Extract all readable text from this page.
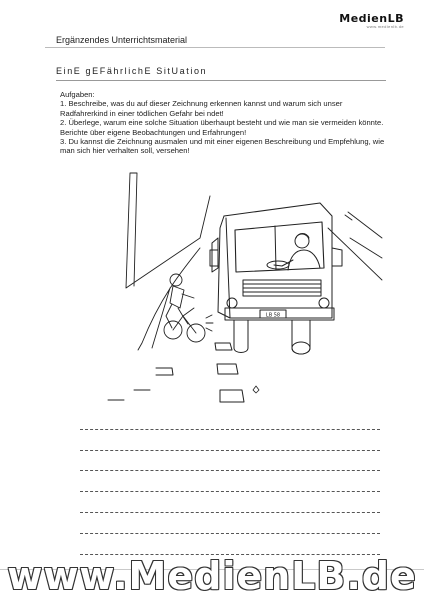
MedienLB
www.medienlb.de
Ergänzendes Unterrichtsmaterial
EinE gEFährlichE SitUation

Aufgaben:

1. Beschreibe, was du auf dieser Zeichnung erkennen kannst und warum sich unser Radfahrerkind in einer tödlichen Gefahr bei ndet!

2. Überlege, warum eine solche Situation überhaupt besteht und wie man sie vermeiden könnte. Berichte über eigene Beobachtungen und Erfahrungen!

3. Du kannst die Zeichnung ausmalen und mit einer eigenen Beschreibung und Empfehlung, wie man sich hier verhalten soll, versehen!

LB 58
www.MedienLB.de
